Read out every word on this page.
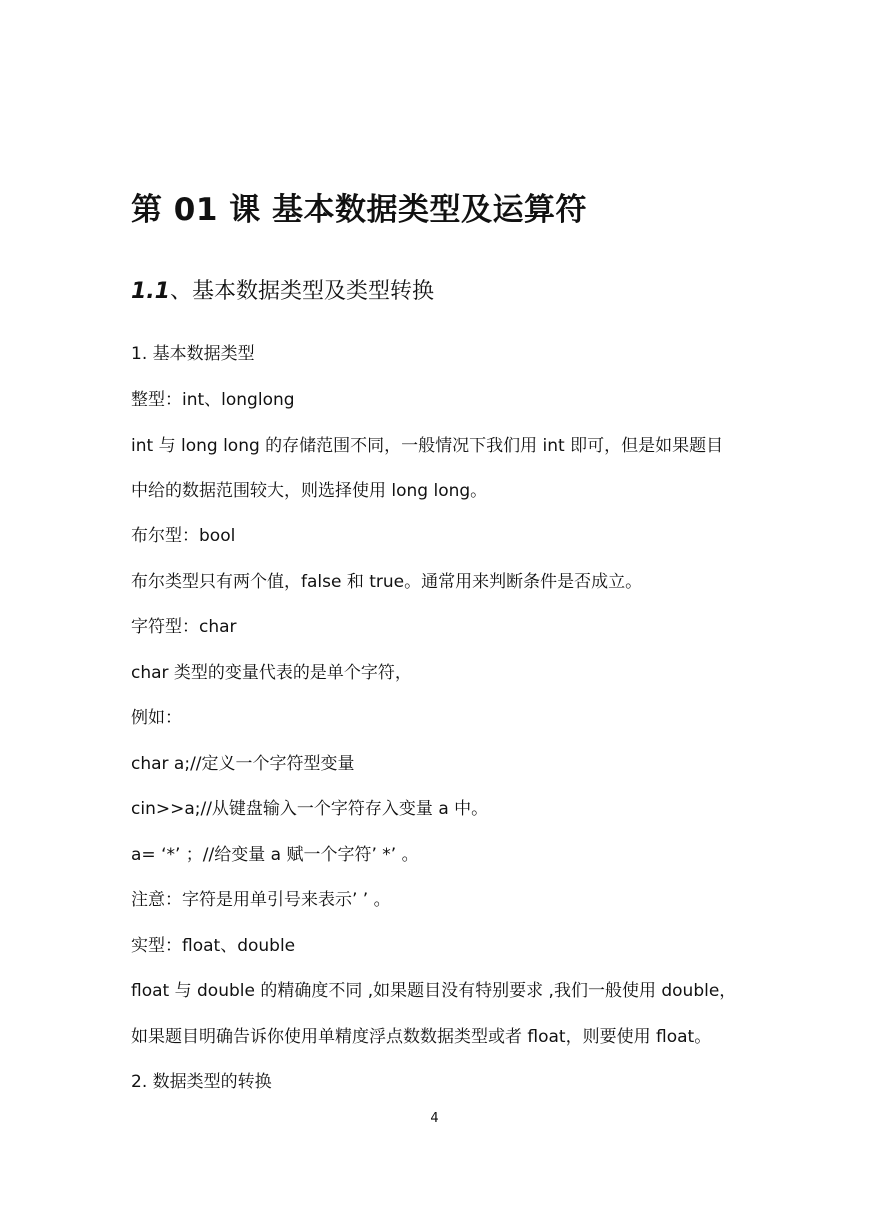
第 01 课 基本数据类型及运算符
1.1、基本数据类型及类型转换
1. 基本数据类型
整型：int、longlong
int 与 long long 的存储范围不同，一般情况下我们用 int 即可，但是如果题目
中给的数据范围较大，则选择使用 long long。
布尔型：bool
布尔类型只有两个值，false 和 true。通常用来判断条件是否成立。
字符型：char
char 类型的变量代表的是单个字符，
例如：
char a;//定义一个字符型变量
cin>>a;//从键盘输入一个字符存入变量 a 中。
a= ‘*’ ；//给变量 a 赋一个字符’ *’ 。
注意：字符是用单引号来表示’ ’ 。
实型：float、double
float 与 double 的精确度不同 ,如果题目没有特别要求 ,我们一般使用 double，
如果题目明确告诉你使用单精度浮点数数据类型或者 float，则要使用 float。
2. 数据类型的转换
4
